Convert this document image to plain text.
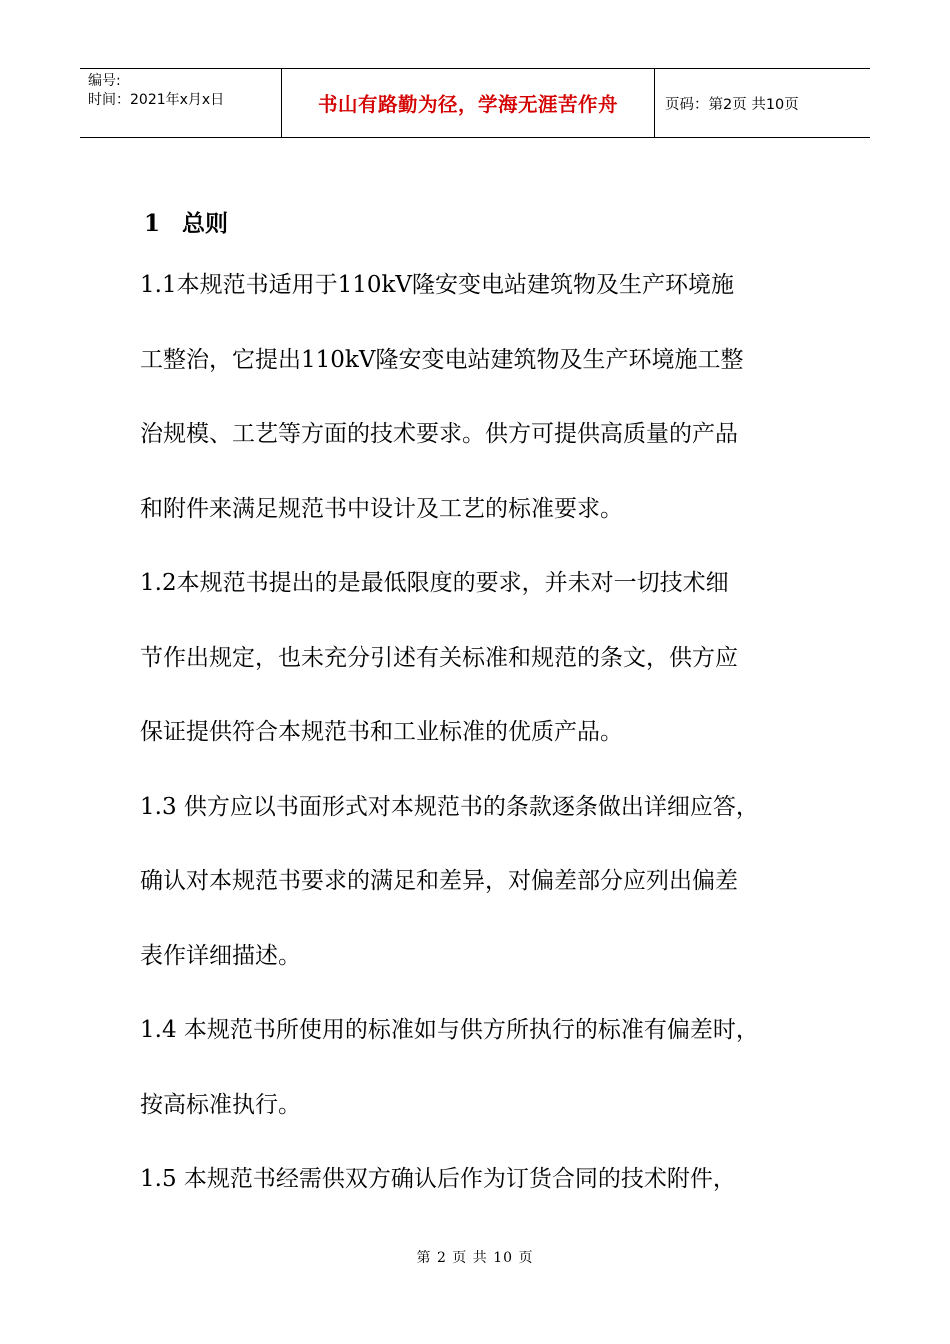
编号:
时间：2021年x月x日	书山有路勤为径，学海无涯苦作舟	页码：第2页 共10页
1 总则
1.1本规范书适用于110kV隆安变电站建筑物及生产环境施
工整治，它提出110kV隆安变电站建筑物及生产环境施工整
治规模、工艺等方面的技术要求。供方可提供高质量的产品
和附件来满足规范书中设计及工艺的标准要求。
1.2本规范书提出的是最低限度的要求，并未对一切技术细
节作出规定，也未充分引述有关标准和规范的条文，供方应
保证提供符合本规范书和工业标准的优质产品。
1.3 供方应以书面形式对本规范书的条款逐条做出详细应答，
确认对本规范书要求的满足和差异，对偏差部分应列出偏差
表作详细描述。
1.4 本规范书所使用的标准如与供方所执行的标准有偏差时，
按高标准执行。
1.5 本规范书经需供双方确认后作为订货合同的技术附件，
第 2 页 共 10 页
